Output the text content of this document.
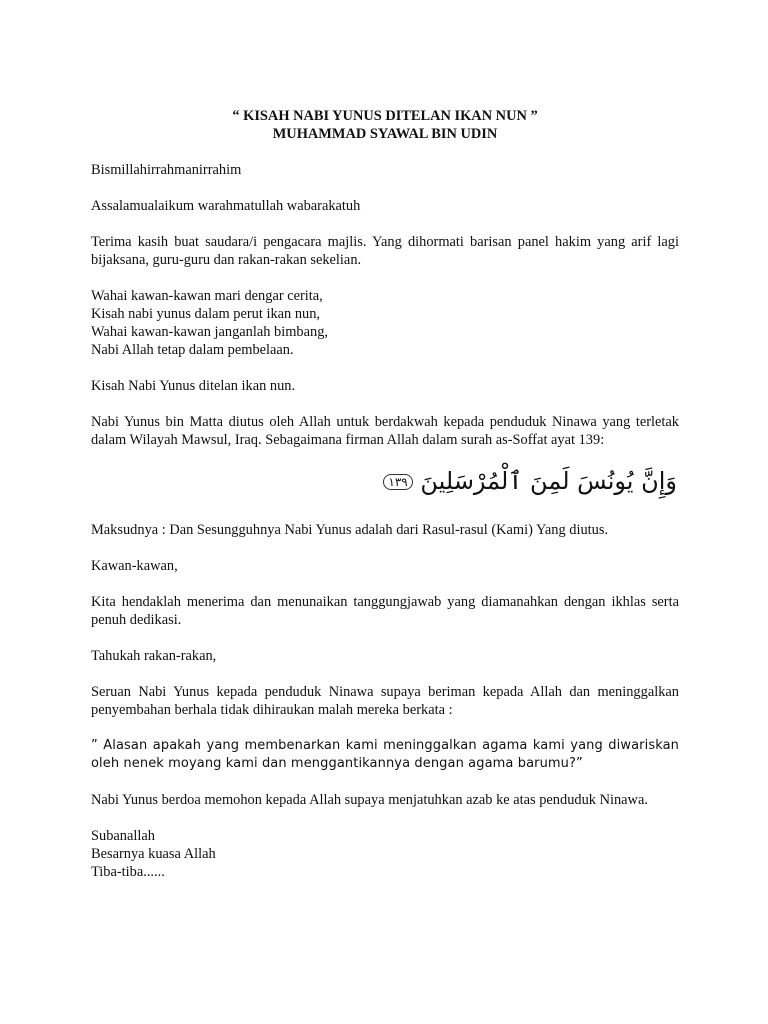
“ KISAH NABI YUNUS DITELAN IKAN NUN ”

MUHAMMAD SYAWAL BIN UDIN

Bismillahirrahmanirrahim

Assalamualaikum warahmatullah wabarakatuh

Terima kasih buat saudara/i pengacara majlis. Yang dihormati barisan panel hakim yang arif lagi bijaksana, guru-guru dan rakan-rakan sekelian.

Wahai kawan-kawan mari dengar cerita,
Kisah nabi yunus dalam perut ikan nun,
Wahai kawan-kawan janganlah bimbang,
Nabi Allah tetap dalam pembelaan.

Kisah Nabi Yunus ditelan ikan nun.

Nabi Yunus bin Matta diutus oleh Allah untuk berdakwah kepada penduduk Ninawa yang terletak dalam Wilayah Mawsul, Iraq. Sebagaimana firman Allah dalam surah as-Soffat ayat 139:

وَإِنَّ يُونُسَ لَمِنَ ٱلْمُرْسَلِينَ ١٣٩

Maksudnya : Dan Sesungguhnya Nabi Yunus adalah dari Rasul-rasul (Kami) Yang diutus.

Kawan-kawan,

Kita hendaklah menerima dan menunaikan tanggungjawab yang diamanahkan dengan ikhlas serta penuh dedikasi.

Tahukah rakan-rakan,

Seruan Nabi Yunus kepada penduduk Ninawa supaya beriman kepada Allah dan meninggalkan penyembahan berhala tidak dihiraukan malah mereka berkata :

” Alasan apakah yang membenarkan kami meninggalkan agama kami yang diwariskan oleh nenek moyang kami dan menggantikannya dengan agama barumu?”

Nabi Yunus berdoa memohon kepada Allah supaya menjatuhkan azab ke atas penduduk Ninawa.

Subanallah
Besarnya kuasa Allah
Tiba-tiba......
